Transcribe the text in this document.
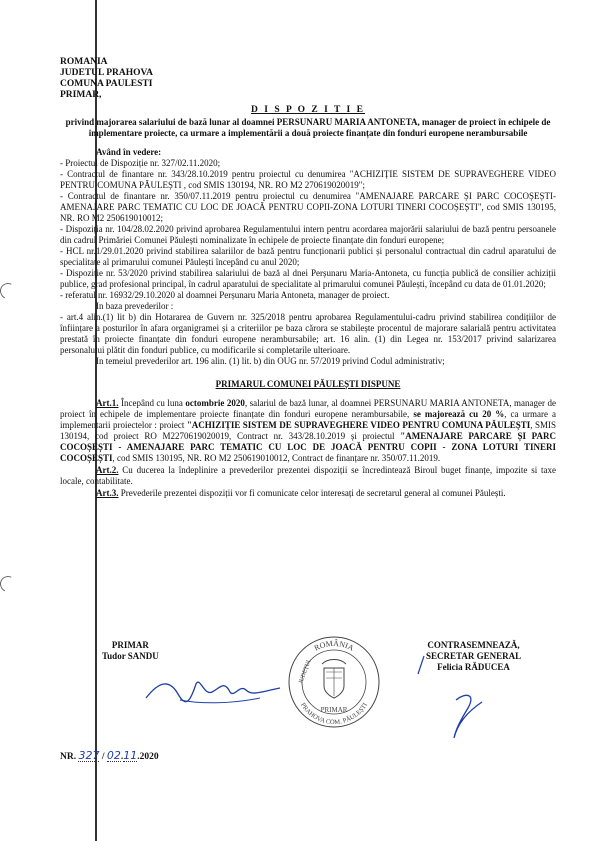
ROMANIA
JUDETUL PRAHOVA
COMUNA PAULESTI
PRIMAR,
D I S P O Z I T I E
privind majorarea salariului de bază lunar al doamnei PERSUNARU MARIA ANTONETA, manager de proiect în echipele de implementare proiecte, ca urmare a implementării a două proiecte finanțate din fonduri europene nerambursabile
Având în vedere:
- Proiectul de Dispoziție nr. 327/02.11.2020;
- Contractul de finantare nr. 343/28.10.2019 pentru proiectul cu denumirea "ACHIZIȚIE SISTEM DE SUPRAVEGHERE VIDEO PENTRU COMUNA PĂULEȘTI , cod SMIS 130194, NR. RO M2 270619020019";
- Contractul de finantare nr. 350/07.11.2019 pentru proiectul cu denumirea "AMENAJARE PARCARE ȘI PARC COCOȘEȘTI-AMENAJARE PARC TEMATIC CU LOC DE JOACĂ PENTRU COPII-ZONA LOTURI TINERI COCOȘEȘTI", cod SMIS 130195, NR. RO M2 250619010012;
- Dispoziția nr. 104/28.02.2020 privind aprobarea Regulamentului intern pentru acordarea majorării salariului de bază pentru persoanele din cadrul Primăriei Comunei Păulești nominalizate în echipele de proiecte finanțate din fonduri europene;
- HCL nr.1/29.01.2020 privind stabilirea salariilor de bază pentru funcționarii publici și personalul contractual din cadrul aparatului de specialitate al primarului comunei Păulești începând cu anul 2020;
- Dispoziție nr. 53/2020 privind stabilirea salariului de bază al dnei Perșunaru Maria-Antoneta, cu funcția publică de consilier achiziții publice, grad profesional principal, în cadrul aparatului de specialitate al primarului comunei Păulești, începând cu data de 01.01.2020;
- referatul nr. 16932/29.10.2020 al doamnei Perșunaru Maria Antoneta, manager de proiect.
In baza prevederilor :
- art.4 alin.(1) lit b) din Hotararea de Guvern nr. 325/2018 pentru aprobarea Regulamentului-cadru privind stabilirea condițiilor de înființare a posturilor în afara organigramei și a criteriilor pe baza cărora se stabilește procentul de majorare salarială pentru activitatea prestată în proiecte finanțate din fonduri europene nerambursabile; art. 16 alin. (1) din Legea nr. 153/2017 privind salarizarea personalului plătit din fonduri publice, cu modificarile si completarile ulterioare.
In temeiul prevederilor art. 196 alin. (1) lit. b) din OUG nr. 57/2019 privind Codul administrativ;
PRIMARUL COMUNEI PĂULEȘTI DISPUNE
Art.1. Începând cu luna octombrie 2020, salariul de bază lunar, al doamnei PERSUNARU MARIA ANTONETA, manager de proiect în echipele de implementare proiecte finanțate din fonduri europene nerambursabile, se majorează cu 20 %, ca urmare a implementarii proiectelor : proiect "ACHIZIȚIE SISTEM DE SUPRAVEGHERE VIDEO PENTRU COMUNA PĂULEȘTI, SMIS 130194, cod proiect RO M2270619020019, Contract nr. 343/28.10.2019 și proiectul "AMENAJARE PARCARE ȘI PARC COCOȘEȘTI - AMENAJARE PARC TEMATIC CU LOC DE JOACĂ PENTRU COPII - ZONA LOTURI TINERI COCOȘEȘTI, cod SMIS 130195, NR. RO M2 250619010012, Contract de finanțare nr. 350/07.11.2019.
Art.2. Cu ducerea la îndeplinire a prevederilor prezentei dispoziții se încredintează Biroul buget finanțe, impozite si taxe locale, contabilitate.
Art.3. Prevederile prezentei dispoziții vor fi comunicate celor interesați de secretarul general al comunei Păulești.
PRIMAR
Tudor SANDU
ROMÂNIA
PRAHOVA COM. PĂULEȘTI
JUDEȚUL
PRIMAR
CONTRASEMNEAZĂ,
SECRETAR GENERAL
Felicia RĂDUCEA
NR. 327 / 02.11.2020
